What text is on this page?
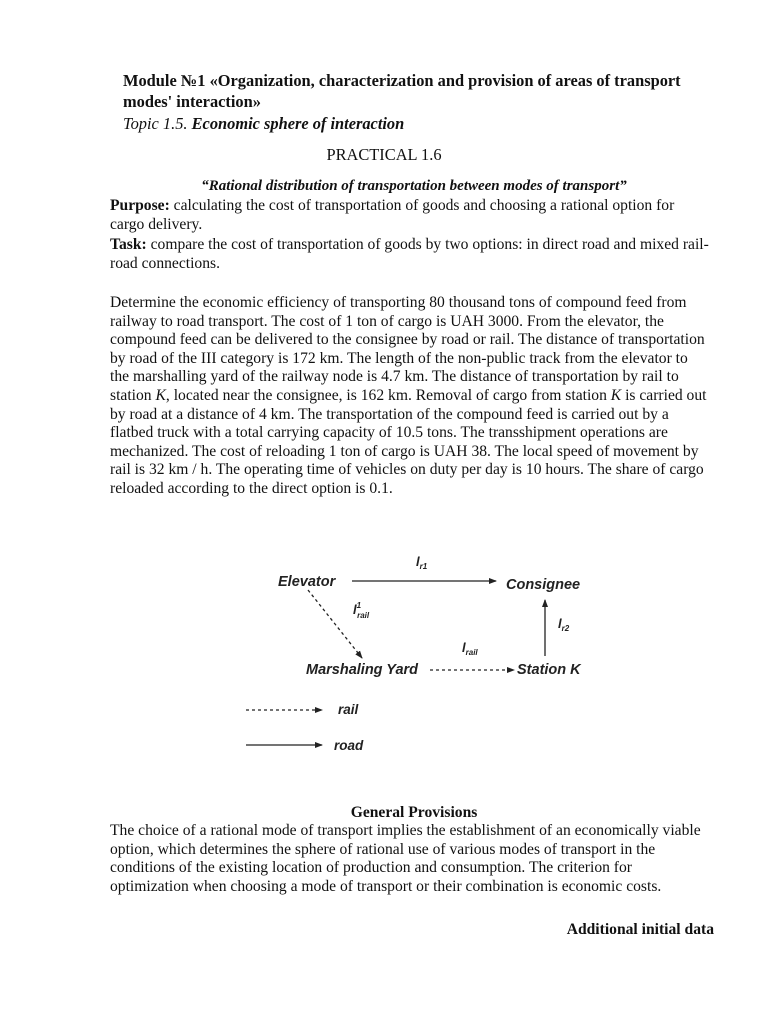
Module №1 «Organization, characterization and provision of areas of transport modes' interaction»
Topic 1.5. Economic sphere of interaction
PRACTICAL 1.6
“Rational distribution of transportation between modes of transport”
Purpose: calculating the cost of transportation of goods and choosing a rational option for cargo delivery.
Task: compare the cost of transportation of goods by two options: in direct road and mixed rail-road connections.
Determine the economic efficiency of transporting 80 thousand tons of compound feed from railway to road transport. The cost of 1 ton of cargo is UAH 3000. From the elevator, the compound feed can be delivered to the consignee by road or rail. The distance of transportation by road of the III category is 172 km. The length of the non-public track from the elevator to the marshalling yard of the railway node is 4.7 km. The distance of transportation by rail to station K, located near the consignee, is 162 km. Removal of cargo from station K is carried out by road at a distance of 4 km. The transportation of the compound feed is carried out by a flatbed truck with a total carrying capacity of 10.5 tons. The transshipment operations are mechanized. The cost of reloading 1 ton of cargo is UAH 38. The local speed of movement by rail is 32 km / h. The operating time of vehicles on duty per day is 10 hours. The share of cargo reloaded according to the direct option is 0.1.
Elevator	Consignee
Marshaling Yard	Station K
$l_{r1}$
$l^1$ rail
$l_{rail}$
$l_{r2}$
rail
road
General Provisions
The choice of a rational mode of transport implies the establishment of an economically viable option, which determines the sphere of rational use of various modes of transport in the conditions of the existing location of production and consumption. The criterion for optimization when choosing a mode of transport or their combination is economic costs.
Additional initial data
